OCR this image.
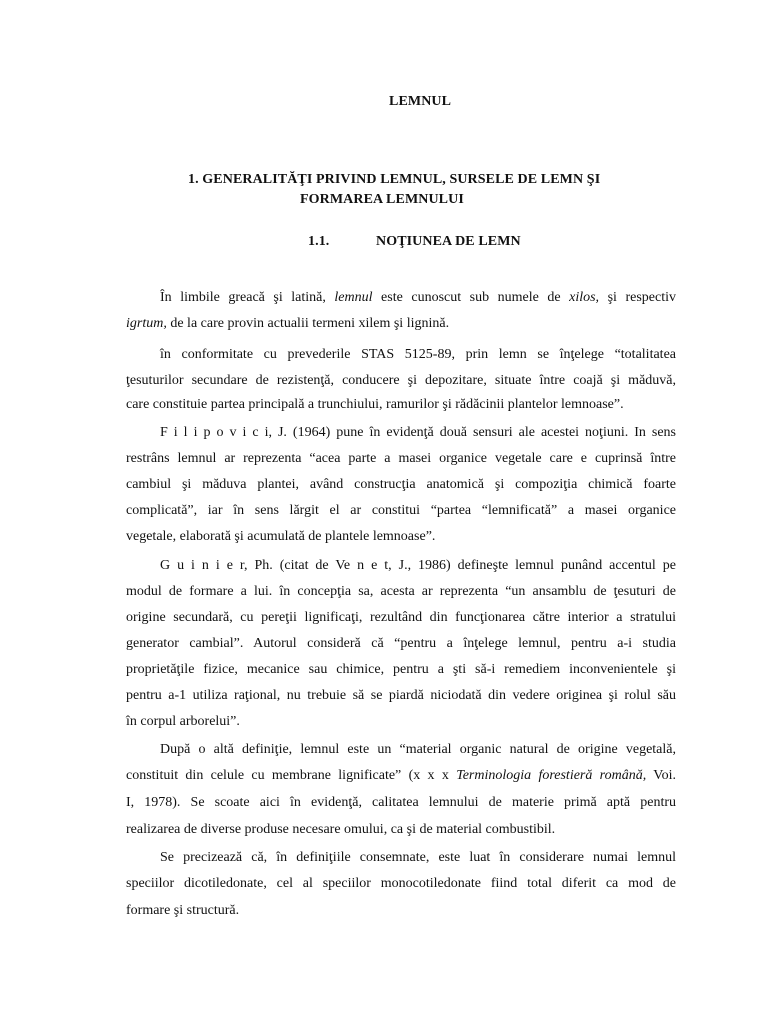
LEMNUL
1. GENERALITĂŢI PRIVIND LEMNUL, SURSELE DE LEMN ŞI
FORMAREA LEMNULUI
1.1.	NOŢIUNEA DE LEMN
În limbile greacă şi latină, lemnul este cunoscut sub numele de xilos, şi respectiv
igrtum, de la care provin actualii termeni xilem şi lignină.
în conformitate cu prevederile STAS 5125-89, prin lemn se înţelege “totalitatea
ţesuturilor secundare de rezistenţă, conducere şi depozitare, situate între coajă şi măduvă,
care constituie partea principală a trunchiului, ramurilor şi rădăcinii plantelor lemnoase”.
F i l i p o v i c i, J. (1964) pune în evidenţă două sensuri ale acestei noţiuni. In sens
restrâns lemnul ar reprezenta “acea parte a masei organice vegetale care e cuprinsă între
cambiul şi măduva plantei, având construcţia anatomică şi compoziţia chimică foarte
complicată”, iar în sens lărgit el ar constitui “partea “lemnificată” a masei organice
vegetale, elaborată şi acumulată de plantele lemnoase”.
G u i n i e r, Ph. (citat de Ve n e t, J., 1986) defineşte lemnul punând accentul pe
modul de formare a lui. în concepţia sa, acesta ar reprezenta “un ansamblu de ţesuturi de
origine secundară, cu pereţii lignificaţi, rezultând din funcţionarea către interior a stratului
generator cambial”. Autorul consideră că “pentru a înţelege lemnul, pentru a-i studia
proprietăţile fizice, mecanice sau chimice, pentru a şti să-i remediem inconvenientele şi
pentru a-1 utiliza raţional, nu trebuie să se piardă niciodată din vedere originea şi rolul său
în corpul arborelui”.
După o altă definiţie, lemnul este un “material organic natural de origine vegetală,
constituit din celule cu membrane lignificate” (x x x Terminologia forestieră română, Voi.
I, 1978). Se scoate aici în evidenţă, calitatea lemnului de materie primă aptă pentru
realizarea de diverse produse necesare omului, ca şi de material combustibil.
Se precizează că, în definiţiile consemnate, este luat în considerare numai lemnul
speciilor dicotiledonate, cel al speciilor monocotiledonate fiind total diferit ca mod de
formare şi structură.
